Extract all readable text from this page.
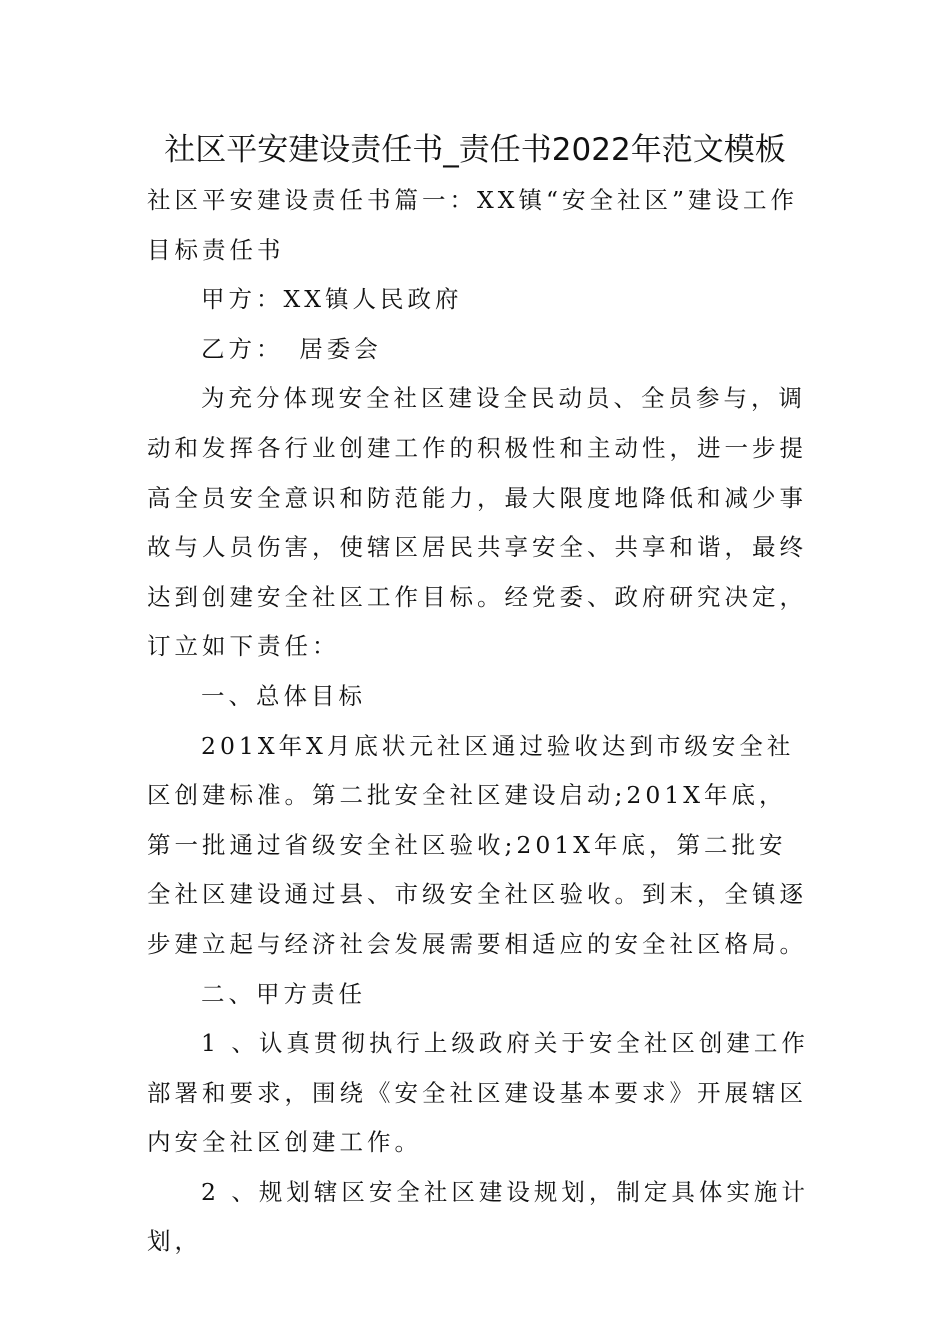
社区平安建设责任书_责任书2022年范文模板

社区平安建设责任书篇一：XX镇“安全社区”建设工作目标责任书

甲方：XX镇人民政府

乙方：　居委会

为充分体现安全社区建设全民动员、全员参与，调动和发挥各行业创建工作的积极性和主动性，进一步提高全员安全意识和防范能力，最大限度地降低和减少事故与人员伤害，使辖区居民共享安全、共享和谐，最终达到创建安全社区工作目标。经党委、政府研究决定，订立如下责任：

一、总体目标

201X年X月底状元社区通过验收达到市级安全社区创建标准。第二批安全社区建设启动;201X年底，第一批通过省级安全社区验收;201X年底，第二批安全社区建设通过县、市级安全社区验收。到末，全镇逐步建立起与经济社会发展需要相适应的安全社区格局。

二、甲方责任

1 、认真贯彻执行上级政府关于安全社区创建工作部署和要求，围绕《安全社区建设基本要求》开展辖区内安全社区创建工作。

2 、规划辖区安全社区建设规划，制定具体实施计划，
